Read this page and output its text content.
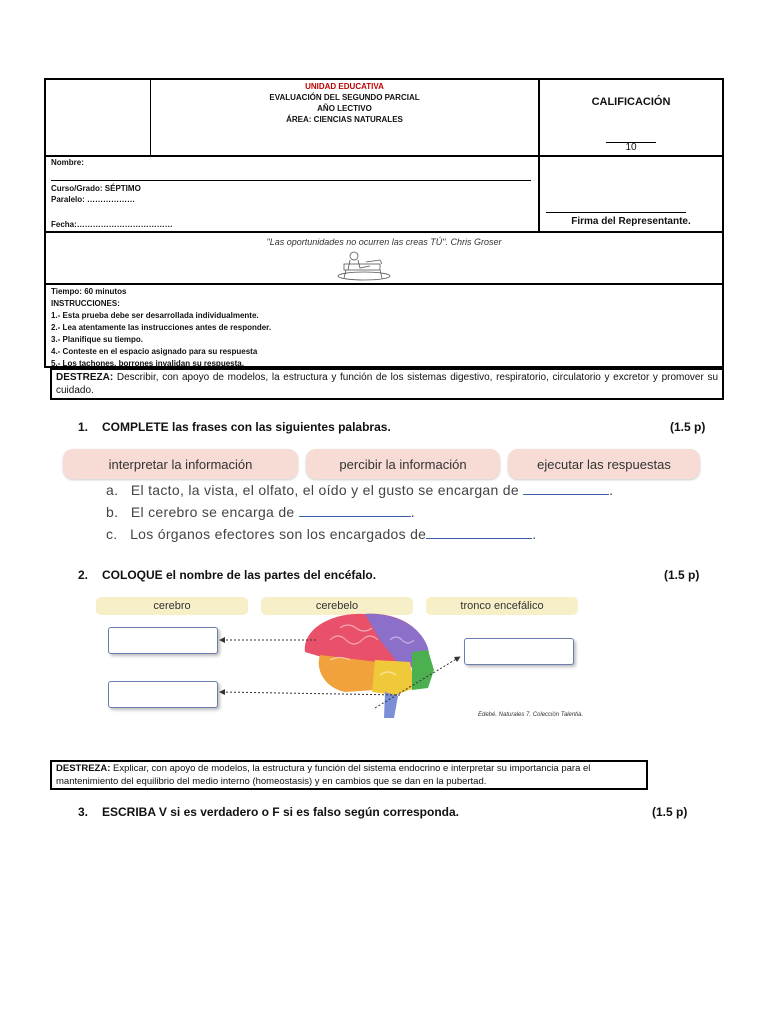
UNIDAD EDUCATIVA
EVALUACIÓN DEL SEGUNDO PARCIAL
AÑO LECTIVO
ÁREA: CIENCIAS NATURALES
CALIFICACIÓN
10
Nombre:
Curso/Grado: SÉPTIMO
Paralelo: ………………
Fecha:………………………………	Firma del Representante.
"Las oportunidades no ocurren las creas TÚ". Chris Groser
Tiempo: 60 minutos
INSTRUCCIONES:
1.- Esta prueba debe ser desarrollada individualmente.
2.- Lea atentamente las instrucciones antes de responder.
3.- Planifique su tiempo.
4.- Conteste en el espacio asignado para su respuesta
5.- Los tachones, borrones invalidan su respuesta.
DESTREZA: Describir, con apoyo de modelos, la estructura y función de los sistemas digestivo, respiratorio, circulatorio y excretor y promover su cuidado.
1. COMPLETE las frases con las siguientes palabras.	(1.5 p)
interpretar la información	percibir la información	ejecutar las respuestas
a. El tacto, la vista, el olfato, el oído y el gusto se encargan de	.
b. El cerebro se encarga de	.
c. Los órganos efectores son los encargados de	.
2. COLOQUE el nombre de las partes del encéfalo.	(1.5 p)
cerebro	cerebelo	tronco encefálico
Edebé. Naturales 7. Colección Talentia.
DESTREZA: Explicar, con apoyo de modelos, la estructura y función del sistema endocrino e interpretar su importancia para el mantenimiento del equilibrio del medio interno (homeostasis) y en cambios que se dan en la pubertad.
3. ESCRIBA V si es verdadero o F si es falso según corresponda.	(1.5 p)
